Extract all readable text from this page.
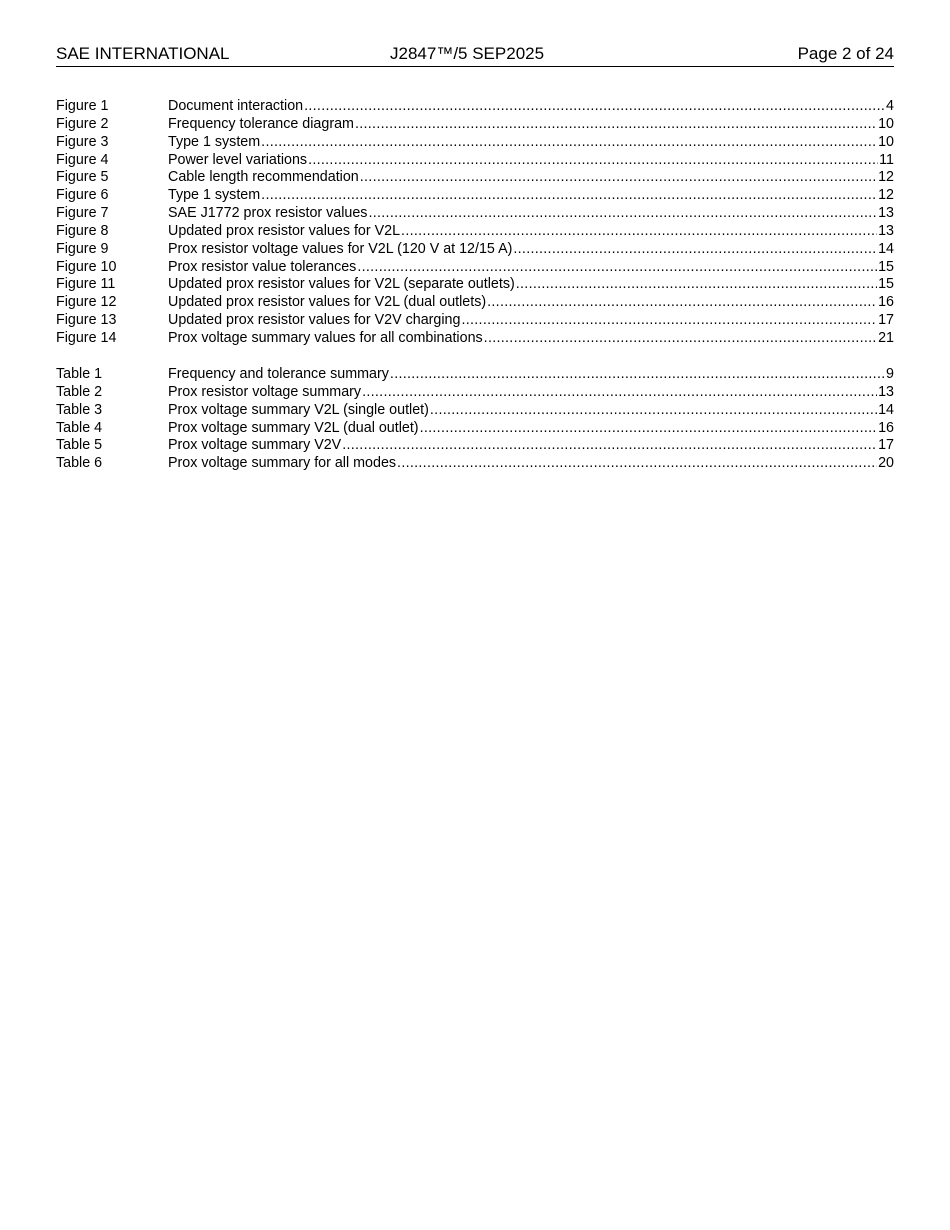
SAE INTERNATIONAL	J2847™/5 SEP2025	Page 2 of 24
Figure 1	Document interaction .....	4
Figure 2	Frequency tolerance diagram .....	10
Figure 3	Type 1 system .....	10
Figure 4	Power level variations .....	11
Figure 5	Cable length recommendation .....	12
Figure 6	Type 1 system .....	12
Figure 7	SAE J1772 prox resistor values .....	13
Figure 8	Updated prox resistor values for V2L .....	13
Figure 9	Prox resistor voltage values for V2L (120 V at 12/15 A) .....	14
Figure 10	Prox resistor value tolerances .....	15
Figure 11	Updated prox resistor values for V2L (separate outlets) .....	15
Figure 12	Updated prox resistor values for V2L (dual outlets) .....	16
Figure 13	Updated prox resistor values for V2V charging .....	17
Figure 14	Prox voltage summary values for all combinations .....	21
Table 1	Frequency and tolerance summary .....	9
Table 2	Prox resistor voltage summary .....	13
Table 3	Prox voltage summary V2L (single outlet) .....	14
Table 4	Prox voltage summary V2L (dual outlet) .....	16
Table 5	Prox voltage summary V2V .....	17
Table 6	Prox voltage summary for all modes .....	20
